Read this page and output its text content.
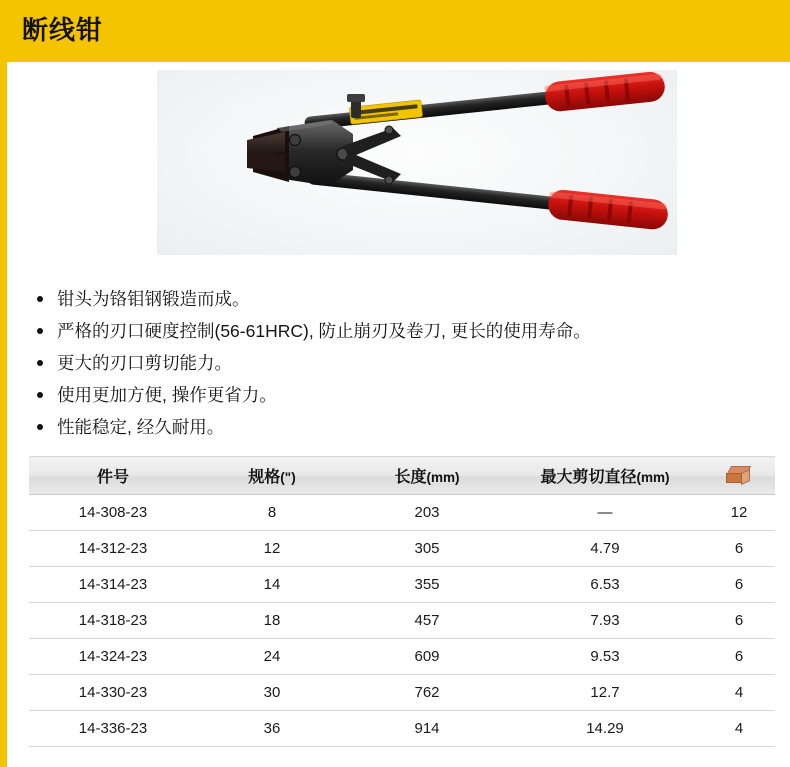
断线钳
钳头为铬钼钢锻造而成。
严格的刃口硬度控制(56-61HRC), 防止崩刃及卷刀, 更长的使用寿命。
更大的刃口剪切能力。
使用更加方便, 操作更省力。
性能稳定, 经久耐用。
件号	规格(")	长度(mm)	最大剪切直径(mm)	

14-308-23	8	203	—	12
14-312-23	12	305	4.79	6
14-314-23	14	355	6.53	6
14-318-23	18	457	7.93	6
14-324-23	24	609	9.53	6
14-330-23	30	762	12.7	4
14-336-23	36	914	14.29	4
